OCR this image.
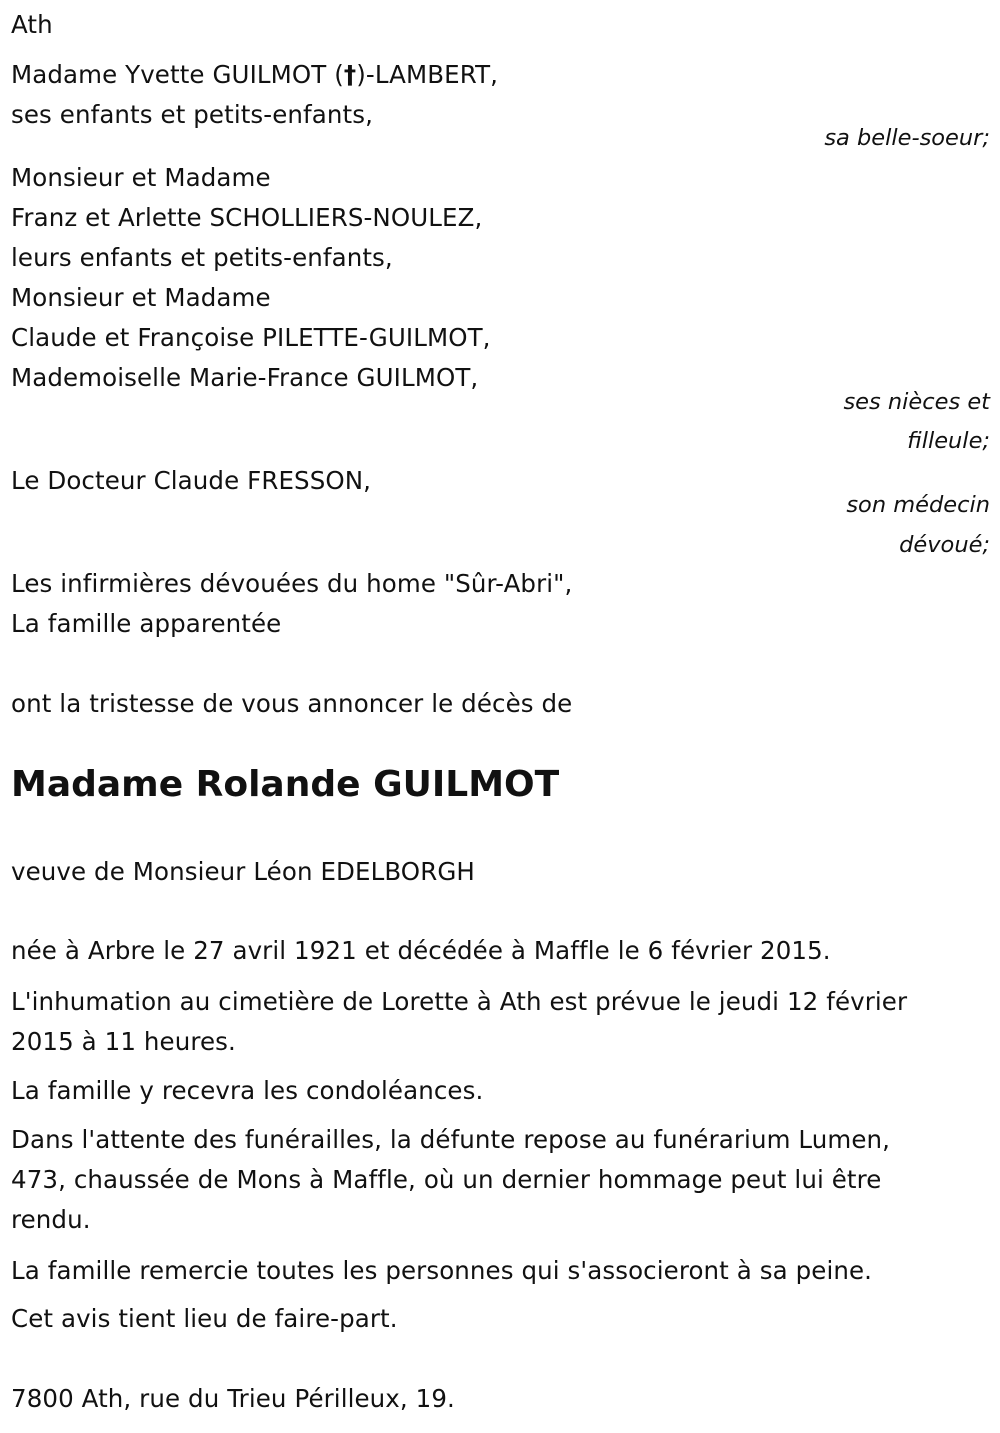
Ath

Madame Yvette GUILMOT (†)-LAMBERT,

ses enfants et petits-enfants,

sa belle-soeur;

Monsieur et Madame

Franz et Arlette SCHOLLIERS-NOULEZ,

leurs enfants et petits-enfants,

Monsieur et Madame

Claude et Françoise PILETTE-GUILMOT,

Mademoiselle Marie-France GUILMOT,

ses nièces et

filleule;

Le Docteur Claude FRESSON,

son médecin

dévoué;

Les infirmières dévouées du home "Sûr-Abri",

La famille apparentée

ont la tristesse de vous annoncer le décès de

Madame Rolande GUILMOT

veuve de Monsieur Léon EDELBORGH

née à Arbre le 27 avril 1921 et décédée à Maffle le 6 février 2015.

L'inhumation au cimetière de Lorette à Ath est prévue le jeudi 12 février

2015 à 11 heures.

La famille y recevra les condoléances.

Dans l'attente des funérailles, la défunte repose au funérarium Lumen,

473, chaussée de Mons à Maffle, où un dernier hommage peut lui être

rendu.

La famille remercie toutes les personnes qui s'associeront à sa peine.

Cet avis tient lieu de faire-part.

7800 Ath, rue du Trieu Périlleux, 19.
